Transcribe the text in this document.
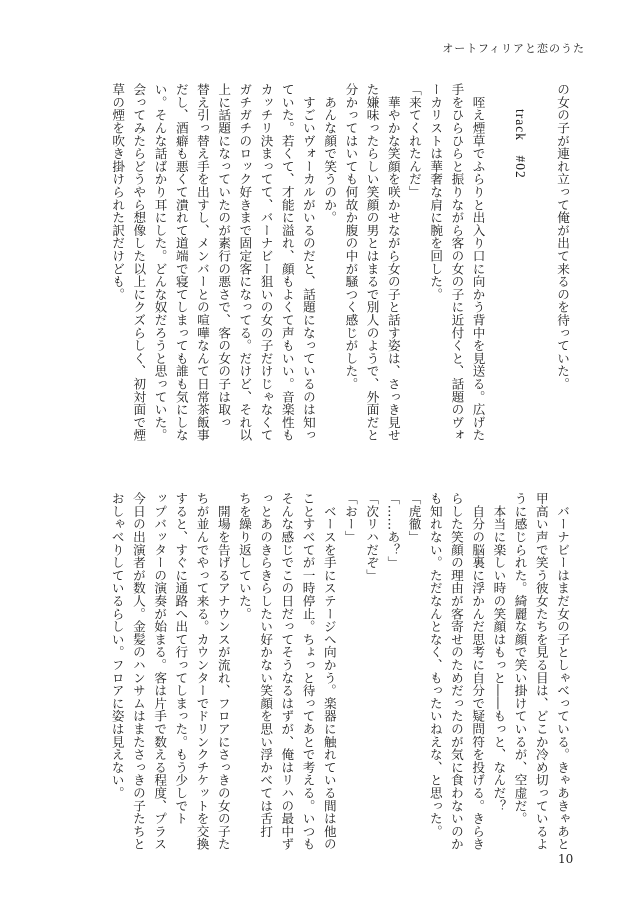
オートフィリアと恋のうた
の女の子が連れ立って俺が出て来るのを待っていた。
track　#02
　咥え煙草でふらりと出入り口に向かう背中を見送る。広げた
手をひらひらと振りながら客の女の子に近付くと、話題のヴォ
ーカリストは華奢な肩に腕を回した。
「来てくれたんだ」
　華やかな笑顔を咲かせながら女の子と話す姿は、さっき見せ
た嫌味ったらしい笑顔の男とはまるで別人のようで、外面だと
分かってはいても何故か腹の中が騒つく感じがした。
　あんな顔で笑うのか。
　すごいヴォーカルがいるのだと、話題になっているのは知っ
ていた。若くて、才能に溢れ、顔もよくて声もいい。音楽性も
カッチリ決まってて、バーナビー狙いの女の子だけじゃなくて
ガチガチのロック好きまで固定客になってる。だけど、それ以
上に話題になっていたのが素行の悪さで、客の女の子は取っ
替え引っ替え手を出すし、メンバーとの喧嘩なんて日常茶飯事
だし、酒癖も悪くて潰れて道端で寝てしまっても誰も気にしな
い。そんな話ばかり耳にした。どんな奴だろうと思っていた。
会ってみたらどうやら想像した以上にクズらしく、初対面で煙
草の煙を吹き掛けられた訳だけども。
　バーナビーはまだ女の子としゃべっている。きゃあきゃあと
甲高い声で笑う彼女たちを見る目は、どこか冷め切っているよ
うに感じられた。綺麗な顔で笑い掛けているが、空虚だ。
　本当に楽しい時の笑顔はもっと――もっと、なんだ？
　自分の脳裏に浮かんだ思考に自分で疑問符を投げる。きらき
らした笑顔の理由が客寄せのためだったのが気に食わないのか
も知れない。ただなんとなく、もったいねえな、と思った。
「虎徹」
「……あ？」
「次リハだぞ」
「おー」
　ベースを手にステージへ向かう。楽器に触れている間は他の
ことすべてが一時停止。ちょっと待ってあとで考える。いつも
そんな感じでこの日だってそうなるはずが、俺はリハの最中ず
っとあのきらきらしたい好かない笑顔を思い浮かべては舌打
ちを繰り返していた。
　開場を告げるアナウンスが流れ、フロアにさっきの女の子た
ちが並んでやって来る。カウンターでドリンクチケットを交換
すると、すぐに通路へ出て行ってしまった。もう少しでト
ップバッターの演奏が始まる。客は片手で数える程度、プラス
今日の出演者が数人。金髪のハンサムはまたさっきの子たちと
おしゃべりしているらしい。フロアに姿は見えない。
10
